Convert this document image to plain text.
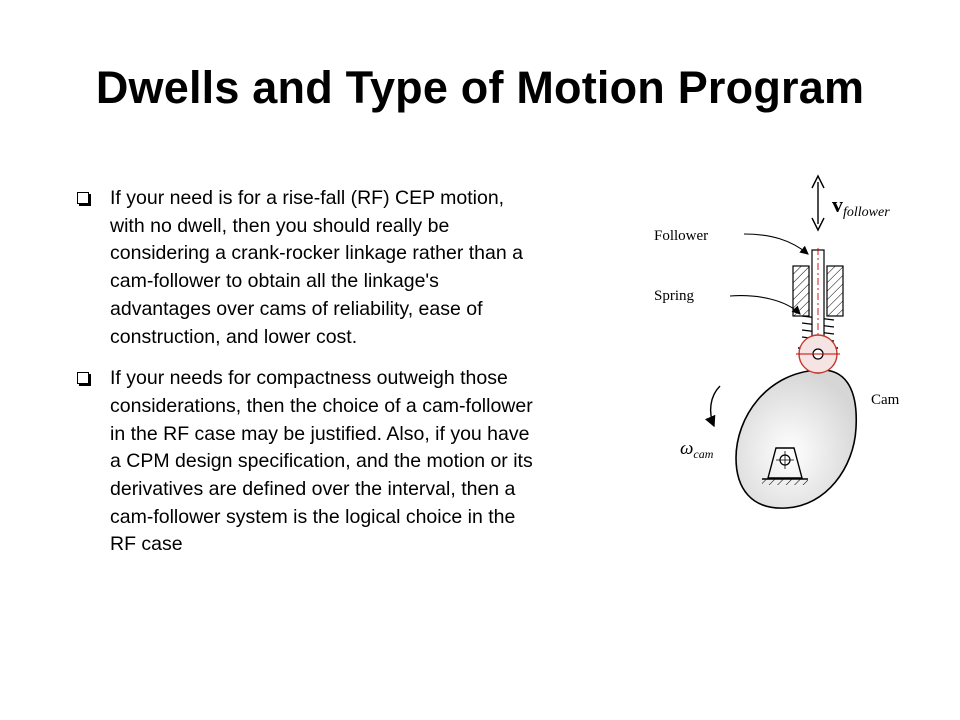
Dwells and Type of Motion Program
If your need is for a rise-fall (RF) CEP motion, with no dwell, then you should really be considering a crank-rocker linkage rather than a cam-follower to obtain all the linkage's advantages over cams of reliability, ease of construction, and lower cost.
If your needs for compactness outweigh those considerations, then the choice of a cam-follower in the RF case may be justified. Also, if you have a CPM design specification, and the motion or its derivatives are defined over the interval, then a cam-follower system is the logical choice in the RF case
vfollower
Follower
Spring
Cam
$\omega_{cam}$
